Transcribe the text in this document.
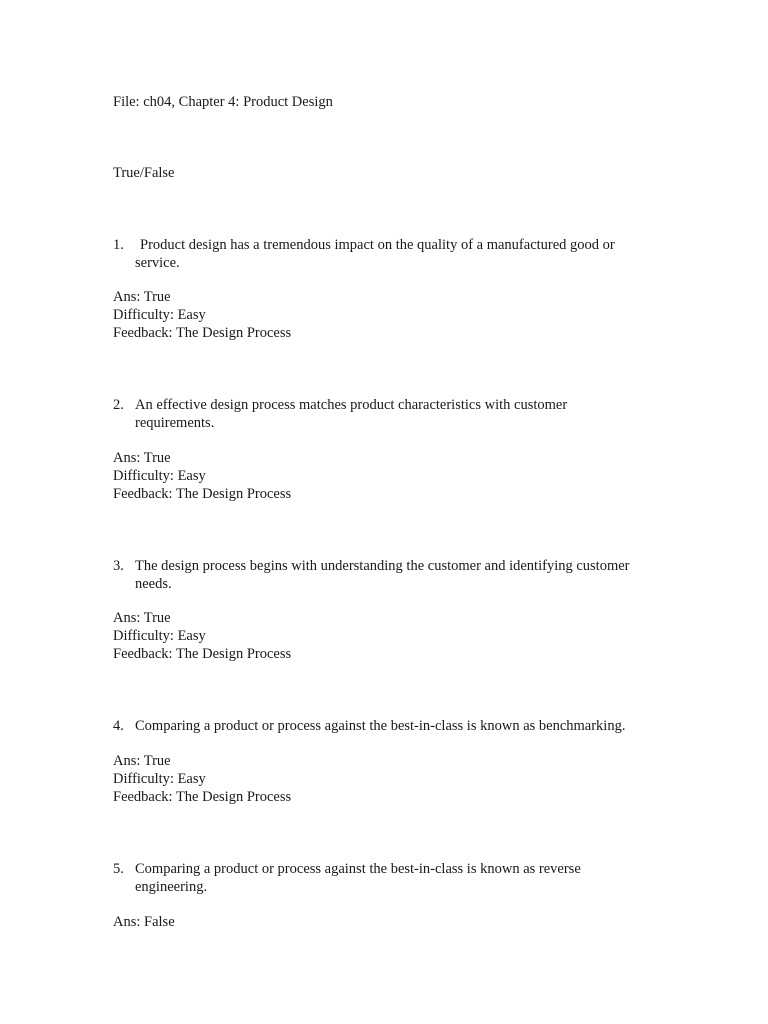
File: ch04, Chapter 4: Product Design
True/False
1. Product design has a tremendous impact on the quality of a manufactured good or
service.
Ans: True
Difficulty: Easy
Feedback: The Design Process
2. An effective design process matches product characteristics with customer
requirements.
Ans: True
Difficulty: Easy
Feedback: The Design Process
3. The design process begins with understanding the customer and identifying customer
needs.
Ans: True
Difficulty: Easy
Feedback: The Design Process
4. Comparing a product or process against the best-in-class is known as benchmarking.
Ans: True
Difficulty: Easy
Feedback: The Design Process
5. Comparing a product or process against the best-in-class is known as reverse
engineering.
Ans: False
